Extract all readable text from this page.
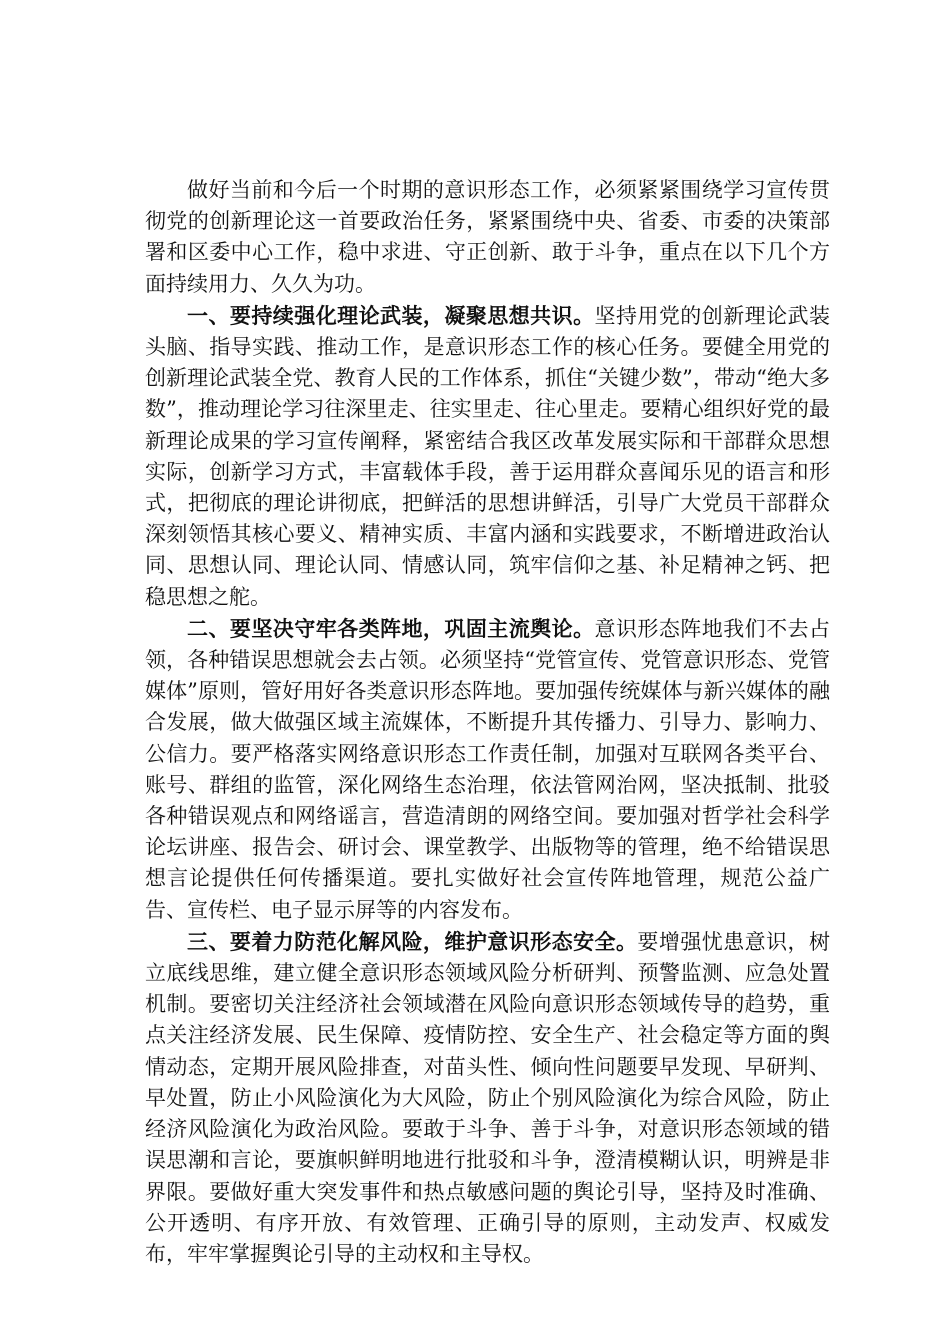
做好当前和今后一个时期的意识形态工作，必须紧紧围绕学习宣传贯彻党的创新理论这一首要政治任务，紧紧围绕中央、省委、市委的决策部署和区委中心工作，稳中求进、守正创新、敢于斗争，重点在以下几个方面持续用力、久久为功。

一、要持续强化理论武装，凝聚思想共识。坚持用党的创新理论武装头脑、指导实践、推动工作，是意识形态工作的核心任务。要健全用党的创新理论武装全党、教育人民的工作体系，抓住“关键少数”，带动“绝大多数”，推动理论学习往深里走、往实里走、往心里走。要精心组织好党的最新理论成果的学习宣传阐释，紧密结合我区改革发展实际和干部群众思想实际，创新学习方式，丰富载体手段，善于运用群众喜闻乐见的语言和形式，把彻底的理论讲彻底，把鲜活的思想讲鲜活，引导广大党员干部群众深刻领悟其核心要义、精神实质、丰富内涵和实践要求，不断增进政治认同、思想认同、理论认同、情感认同，筑牢信仰之基、补足精神之钙、把稳思想之舵。

二、要坚决守牢各类阵地，巩固主流舆论。意识形态阵地我们不去占领，各种错误思想就会去占领。必须坚持“党管宣传、党管意识形态、党管媒体”原则，管好用好各类意识形态阵地。要加强传统媒体与新兴媒体的融合发展，做大做强区域主流媒体，不断提升其传播力、引导力、影响力、公信力。要严格落实网络意识形态工作责任制，加强对互联网各类平台、账号、群组的监管，深化网络生态治理，依法管网治网，坚决抵制、批驳各种错误观点和网络谣言，营造清朗的网络空间。要加强对哲学社会科学论坛讲座、报告会、研讨会、课堂教学、出版物等的管理，绝不给错误思想言论提供任何传播渠道。要扎实做好社会宣传阵地管理，规范公益广告、宣传栏、电子显示屏等的内容发布。

三、要着力防范化解风险，维护意识形态安全。要增强忧患意识，树立底线思维，建立健全意识形态领域风险分析研判、预警监测、应急处置机制。要密切关注经济社会领域潜在风险向意识形态领域传导的趋势，重点关注经济发展、民生保障、疫情防控、安全生产、社会稳定等方面的舆情动态，定期开展风险排查，对苗头性、倾向性问题要早发现、早研判、早处置，防止小风险演化为大风险，防止个别风险演化为综合风险，防止经济风险演化为政治风险。要敢于斗争、善于斗争，对意识形态领域的错误思潮和言论，要旗帜鲜明地进行批驳和斗争，澄清模糊认识，明辨是非界限。要做好重大突发事件和热点敏感问题的舆论引导，坚持及时准确、公开透明、有序开放、有效管理、正确引导的原则，主动发声、权威发布，牢牢掌握舆论引导的主动权和主导权。
